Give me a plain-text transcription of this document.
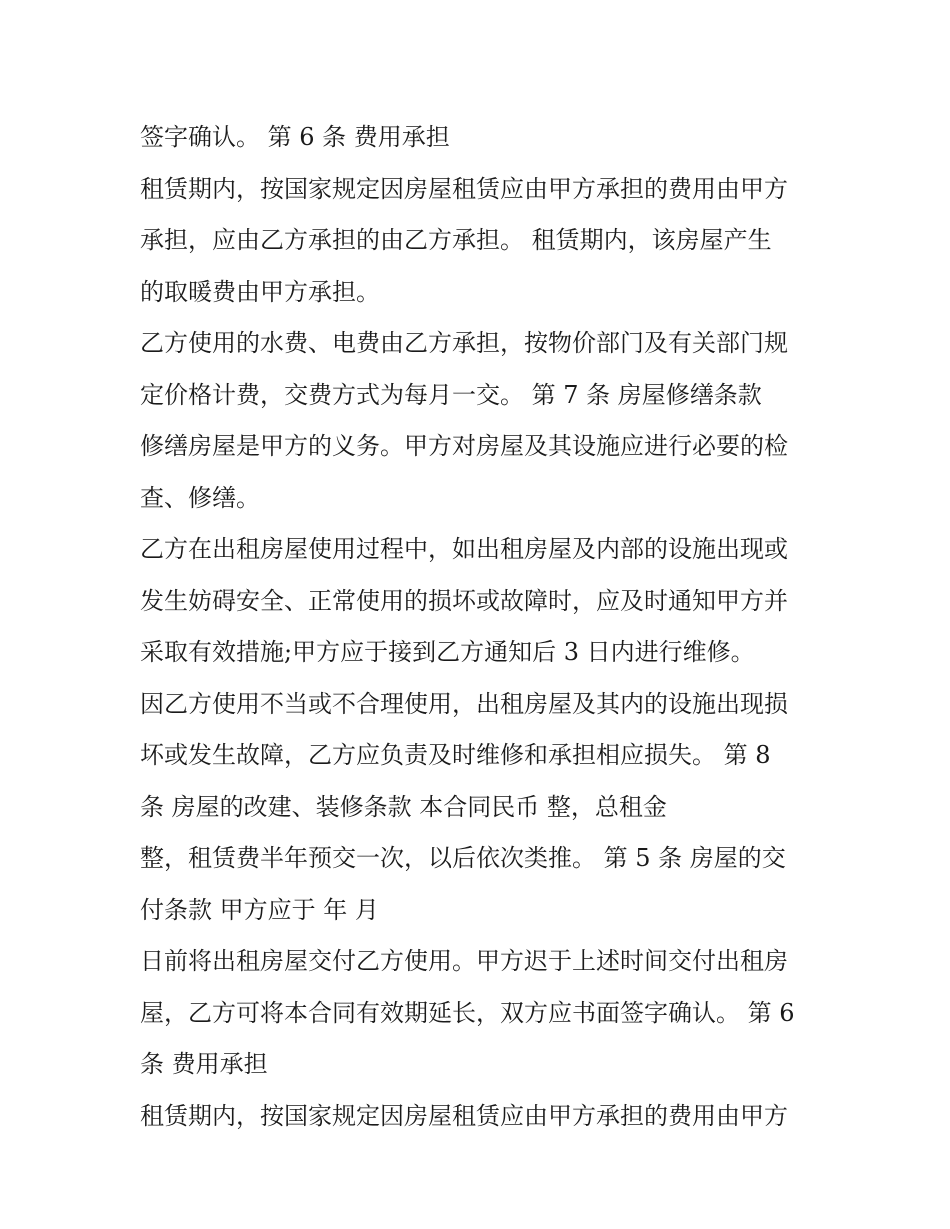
签字确认。 第 6 条 费用承担
租赁期内，按国家规定因房屋租赁应由甲方承担的费用由甲方
承担，应由乙方承担的由乙方承担。 租赁期内，该房屋产生
的取暖费由甲方承担。
乙方使用的水费、电费由乙方承担，按物价部门及有关部门规
定价格计费，交费方式为每月一交。 第 7 条 房屋修缮条款
修缮房屋是甲方的义务。甲方对房屋及其设施应进行必要的检
查、修缮。
乙方在出租房屋使用过程中，如出租房屋及内部的设施出现或
发生妨碍安全、正常使用的损坏或故障时，应及时通知甲方并
采取有效措施;甲方应于接到乙方通知后 3 日内进行维修。
因乙方使用不当或不合理使用，出租房屋及其内的设施出现损
坏或发生故障，乙方应负责及时维修和承担相应损失。 第 8
条 房屋的改建、装修条款 本合同民币 整，总租金
整，租赁费半年预交一次，以后依次类推。 第 5 条 房屋的交
付条款 甲方应于 年 月
日前将出租房屋交付乙方使用。甲方迟于上述时间交付出租房
屋，乙方可将本合同有效期延长，双方应书面签字确认。 第 6
条 费用承担
租赁期内，按国家规定因房屋租赁应由甲方承担的费用由甲方
